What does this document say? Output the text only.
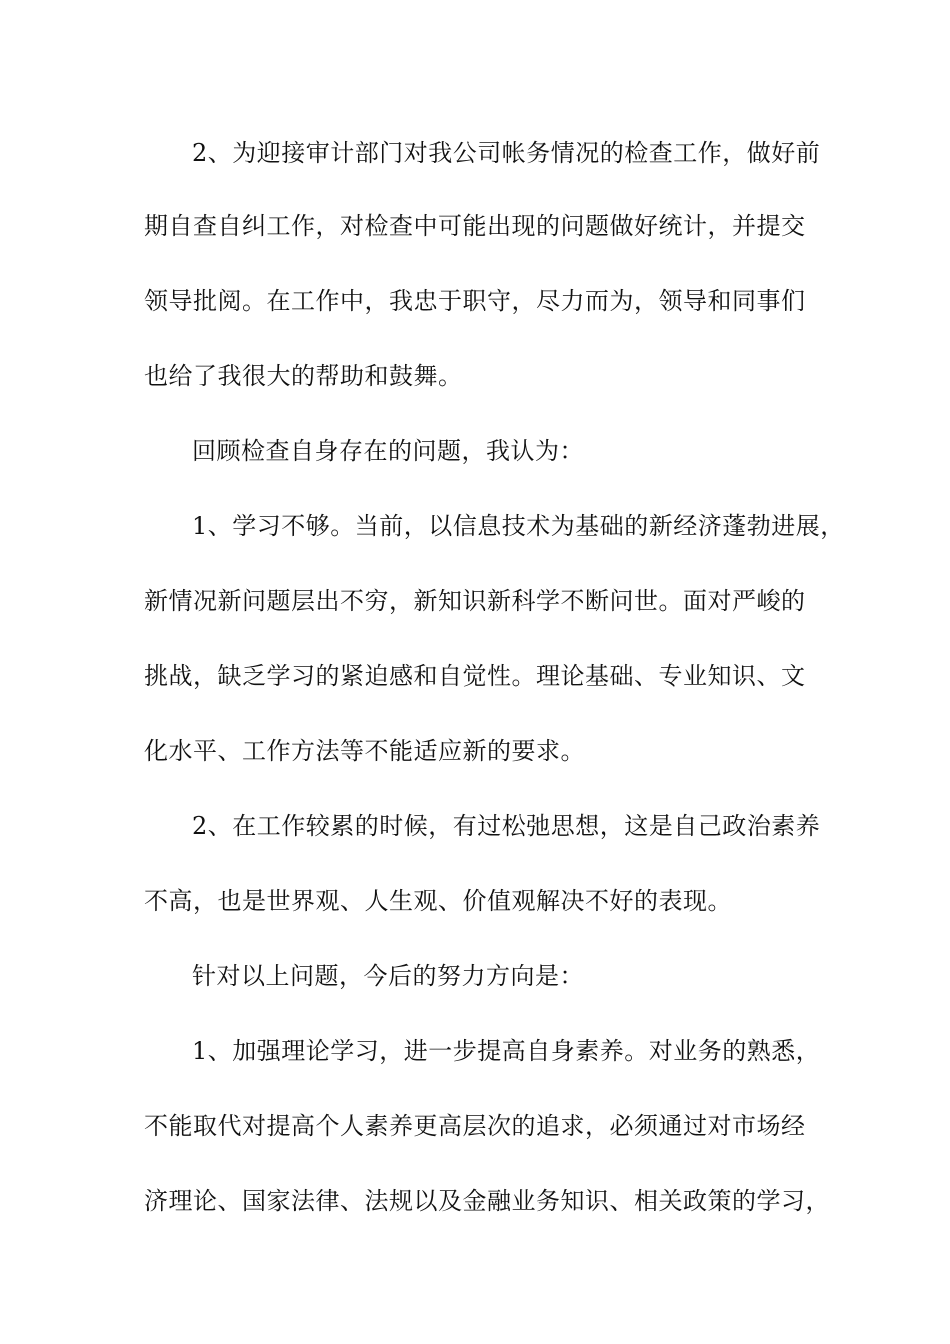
2、为迎接审计部门对我公司帐务情况的检查工作，做好前
期自查自纠工作，对检查中可能出现的问题做好统计，并提交
领导批阅。在工作中，我忠于职守，尽力而为，领导和同事们
也给了我很大的帮助和鼓舞。
回顾检查自身存在的问题，我认为：
1、学习不够。当前，以信息技术为基础的新经济蓬勃进展，
新情况新问题层出不穷，新知识新科学不断问世。面对严峻的
挑战，缺乏学习的紧迫感和自觉性。理论基础、专业知识、文
化水平、工作方法等不能适应新的要求。
2、在工作较累的时候，有过松弛思想，这是自己政治素养
不高，也是世界观、人生观、价值观解决不好的表现。
针对以上问题，今后的努力方向是：
1、加强理论学习，进一步提高自身素养。对业务的熟悉，
不能取代对提高个人素养更高层次的追求，必须通过对市场经
济理论、国家法律、法规以及金融业务知识、相关政策的学习，
